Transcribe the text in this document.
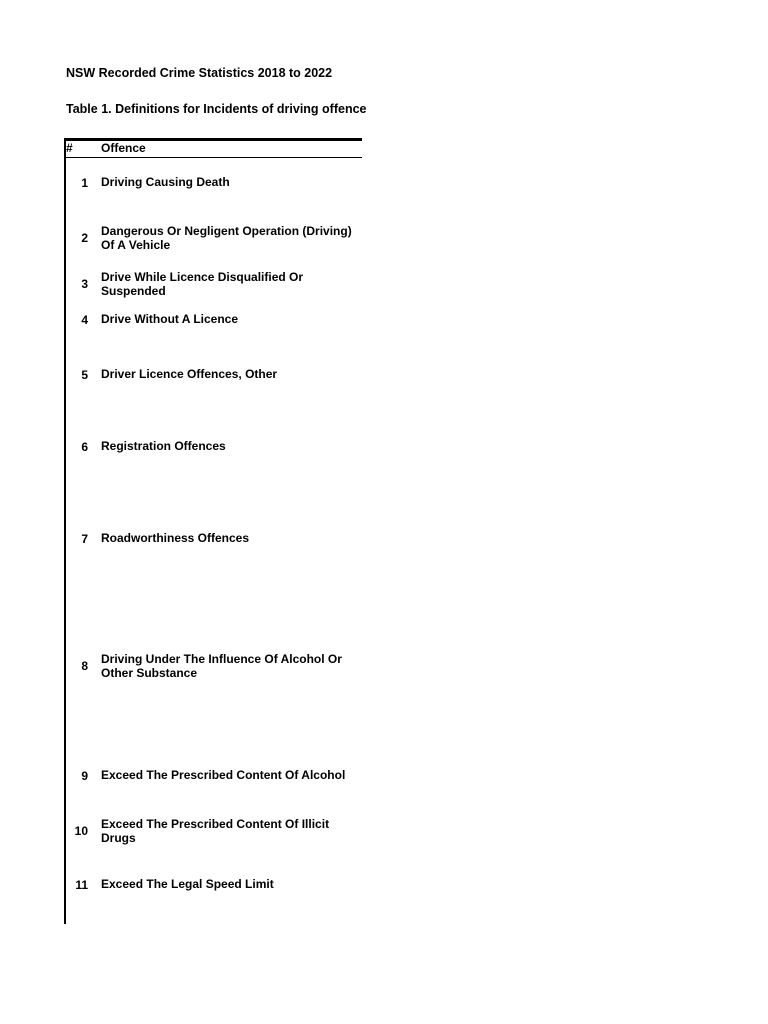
NSW Recorded Crime Statistics 2018 to 2022
Table 1. Definitions for Incidents of driving offence
# Offence
1 Driving Causing Death
2 Dangerous Or Negligent Operation (Driving) Of A Vehicle
3 Drive While Licence Disqualified Or Suspended
4 Drive Without A Licence
5 Driver Licence Offences, Other
6 Registration Offences
7 Roadworthiness Offences
8 Driving Under The Influence Of Alcohol Or Other Substance
9 Exceed The Prescribed Content Of Alcohol
10 Exceed The Prescribed Content Of Illicit Drugs
11 Exceed The Legal Speed Limit
